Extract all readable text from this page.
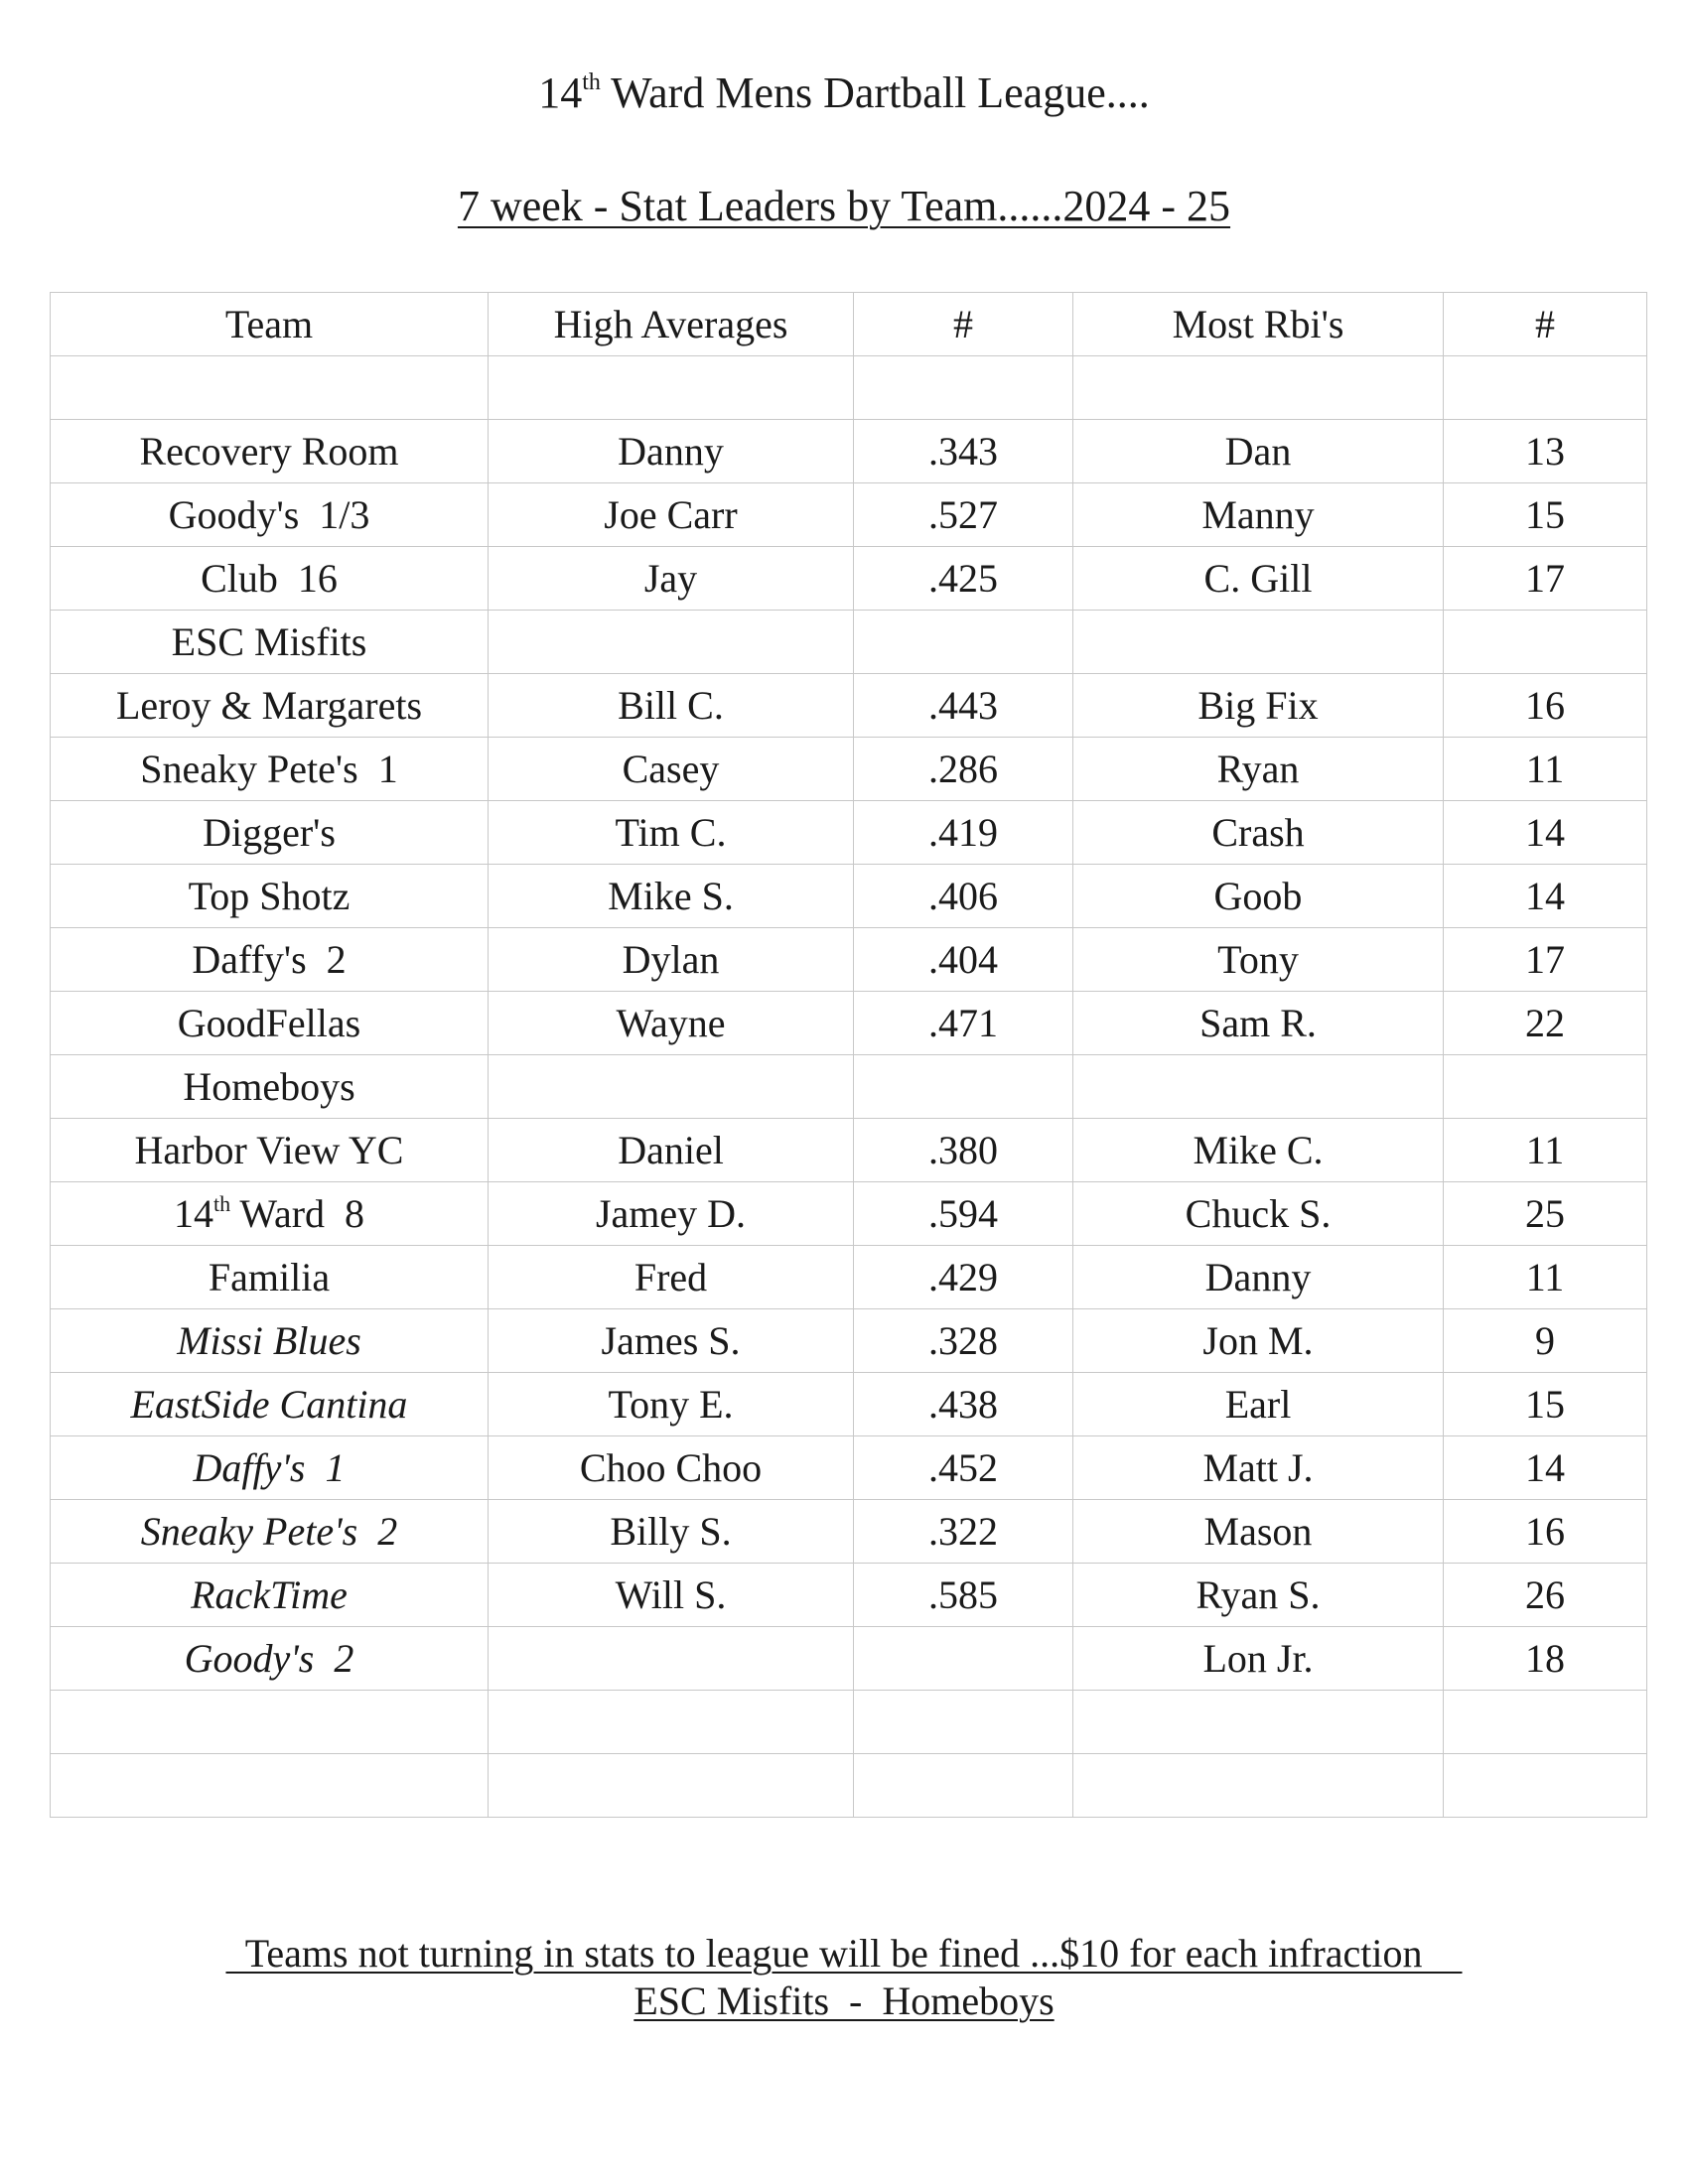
14th Ward Mens Dartball League....
7 week - Stat Leaders by Team......2024 - 25
Team	High Averages	#	Most Rbi's	#

Recovery Room	Danny	.343	Dan	13
Goody's  1/3	Joe Carr	.527	Manny	15
Club  16	Jay	.425	C. Gill	17
ESC Misfits				
Leroy & Margarets	Bill C.	.443	Big Fix	16
Sneaky Pete's  1	Casey	.286	Ryan	11
Digger's	Tim C.	.419	Crash	14
Top Shotz	Mike S.	.406	Goob	14
Daffy's  2	Dylan	.404	Tony	17
GoodFellas	Wayne	.471	Sam R.	22
Homeboys				
Harbor View YC	Daniel	.380	Mike C.	11
14th Ward  8	Jamey D.	.594	Chuck S.	25
Familia	Fred	.429	Danny	11
Missi Blues	James S.	.328	Jon M.	9
EastSide Cantina	Tony E.	.438	Earl	15
Daffy's  1	Choo Choo	.452	Matt J.	14
Sneaky Pete's  2	Billy S.	.322	Mason	16
RackTime	Will S.	.585	Ryan S.	26
Goody's  2			Lon Jr.	18

Teams not turning in stats to league will be fined ...$10 for each infraction
ESC Misfits  -  Homeboys
